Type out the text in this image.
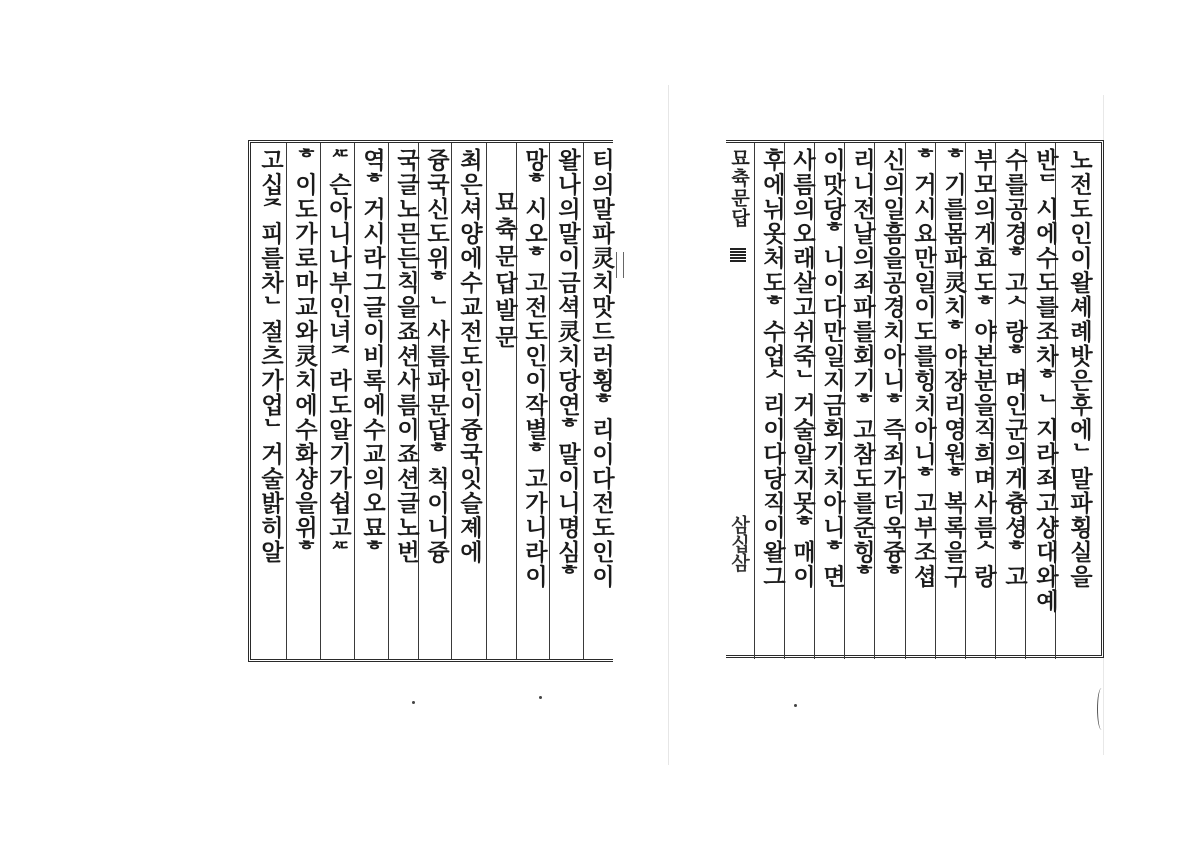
티의말파灵치맛드러횡ᄒ리이다전도인이
왈나의말이금셕灵치당연ᄒ말이니명심ᄒ
망ᄒ시오ᄒ고전도인이작별ᄒ고가니라이
묘츅문답발문
최은셔양에수교전도인이즁국잇슬졔에
즁국신도위ᄒᄂ사름파문답ᄒ칙이니즁
국글노믄든칙을죠션사름이죠션글노번
역ᄒ거시라그글이비록에수교의오묘ᄒ
ᄯ슨아니나부인녀ᄌ라도알기가쉽고ᄯ
ᄒ이도가로마교와灵치에수화샹을위ᄒ
고십ᄌ피를차ᄂ절츠가업ᄂ거술밝히알	묘츅문답
삼십삼	노전도인이왈셰례밧은후에ᄂ말파횡실을
반ᄃ시에수도를조차ᄒᄂ지라죄고샹대와예
수를공경ᄒ고ᄉ랑ᄒ며인군의게츙셩ᄒ고
부모의게효도ᄒ야본분을직희며사름ᄉ랑
ᄒ기를몸파灵치ᄒ야쟝리영원ᄒ복록을구
ᄒ거시요만일이도를힝치아니ᄒ고부조셥
신의일흠을공경치아니ᄒ즉죄가더욱즁ᄒ
리니전날의죄파를회기ᄒ고참도를준힝ᄒ
이맛당ᄒ니이다만일지금회기치아니ᄒ면
사름의오래살고쉬죽ᄂ거술알지못ᄒ매이
후에뉘옷처도ᄒ수업ᄉ리이다당직이왈그
